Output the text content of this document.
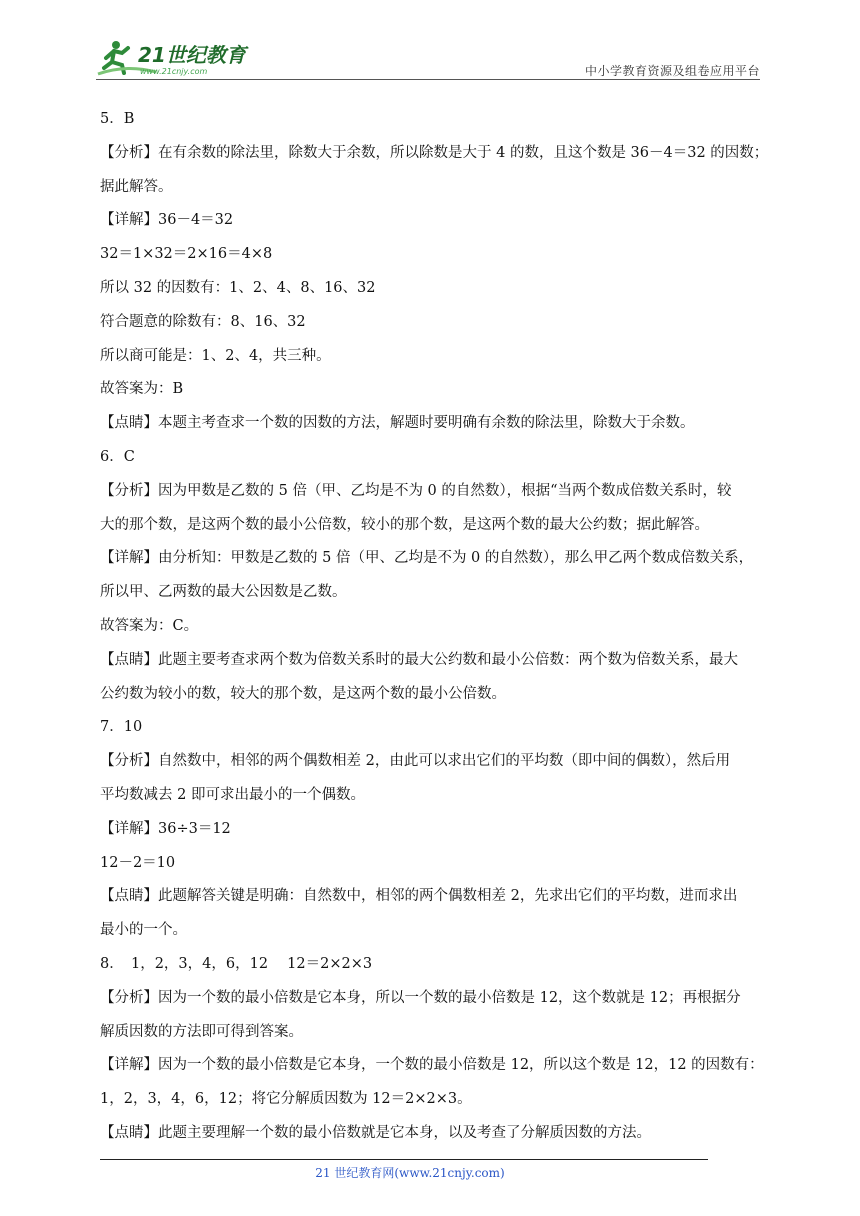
21世纪教育
www.21cnjy.com	中小学教育资源及组卷应用平台
5．B
【分析】在有余数的除法里，除数大于余数，所以除数是大于 4 的数，且这个数是 36－4＝32 的因数；
据此解答。
【详解】36－4＝32
32＝1×32＝2×16＝4×8
所以 32 的因数有：1、2、4、8、16、32
符合题意的除数有：8、16、32
所以商可能是：1、2、4，共三种。
故答案为：B
【点睛】本题主考查求一个数的因数的方法，解题时要明确有余数的除法里，除数大于余数。
6．C
【分析】因为甲数是乙数的 5 倍（甲、乙均是不为 0 的自然数），根据“当两个数成倍数关系时，较
大的那个数，是这两个数的最小公倍数，较小的那个数，是这两个数的最大公约数；据此解答。
【详解】由分析知：甲数是乙数的 5 倍（甲、乙均是不为 0 的自然数），那么甲乙两个数成倍数关系，
所以甲、乙两数的最大公因数是乙数。
故答案为：C。
【点睛】此题主要考查求两个数为倍数关系时的最大公约数和最小公倍数：两个数为倍数关系，最大
公约数为较小的数，较大的那个数，是这两个数的最小公倍数。
7．10
【分析】自然数中，相邻的两个偶数相差 2，由此可以求出它们的平均数（即中间的偶数），然后用
平均数减去 2 即可求出最小的一个偶数。
【详解】36÷3＝12
12－2＝10
【点睛】此题解答关键是明确：自然数中，相邻的两个偶数相差 2，先求出它们的平均数，进而求出
最小的一个。
8．　1，2，3，4，6，12　 12＝2×2×3
【分析】因为一个数的最小倍数是它本身，所以一个数的最小倍数是 12，这个数就是 12；再根据分
解质因数的方法即可得到答案。
【详解】因为一个数的最小倍数是它本身，一个数的最小倍数是 12，所以这个数是 12，12 的因数有：
1，2，3，4，6，12；将它分解质因数为 12＝2×2×3。
【点睛】此题主要理解一个数的最小倍数就是它本身，以及考查了分解质因数的方法。
21 世纪教育网(www.21cnjy.com)
